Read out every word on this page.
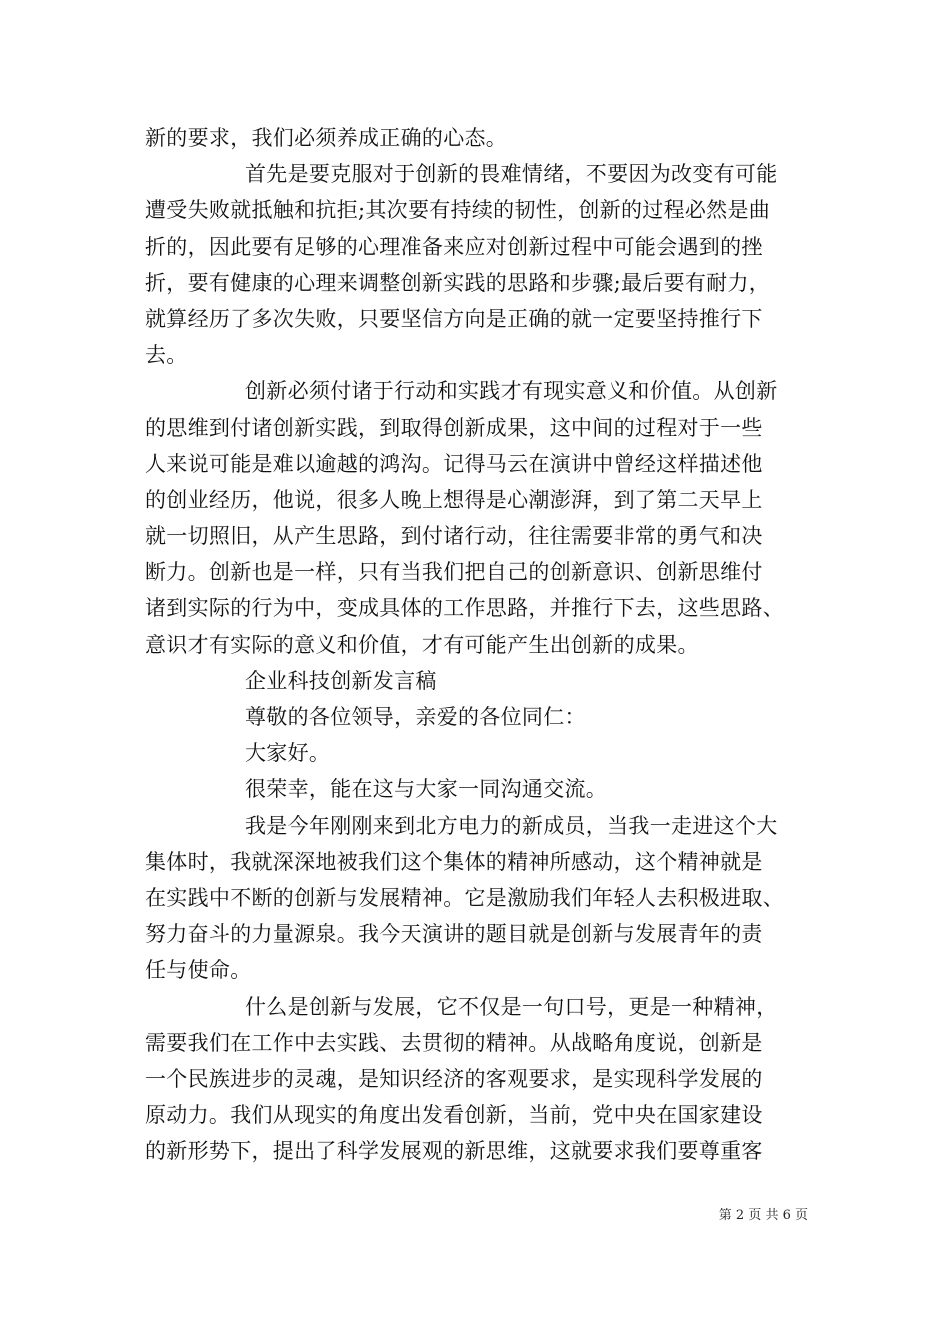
新的要求，我们必须养成正确的心态。
首先是要克服对于创新的畏难情绪，不要因为改变有可能
遭受失败就抵触和抗拒;其次要有持续的韧性，创新的过程必然是曲
折的，因此要有足够的心理准备来应对创新过程中可能会遇到的挫
折，要有健康的心理来调整创新实践的思路和步骤;最后要有耐力，
就算经历了多次失败，只要坚信方向是正确的就一定要坚持推行下
去。
创新必须付诸于行动和实践才有现实意义和价值。从创新
的思维到付诸创新实践，到取得创新成果，这中间的过程对于一些
人来说可能是难以逾越的鸿沟。记得马云在演讲中曾经这样描述他
的创业经历，他说，很多人晚上想得是心潮澎湃，到了第二天早上
就一切照旧，从产生思路，到付诸行动，往往需要非常的勇气和决
断力。创新也是一样，只有当我们把自己的创新意识、创新思维付
诸到实际的行为中，变成具体的工作思路，并推行下去，这些思路、
意识才有实际的意义和价值，才有可能产生出创新的成果。
企业科技创新发言稿
尊敬的各位领导，亲爱的各位同仁：
大家好。
很荣幸，能在这与大家一同沟通交流。
我是今年刚刚来到北方电力的新成员，当我一走进这个大
集体时，我就深深地被我们这个集体的精神所感动，这个精神就是
在实践中不断的创新与发展精神。它是激励我们年轻人去积极进取、
努力奋斗的力量源泉。我今天演讲的题目就是创新与发展青年的责
任与使命。
什么是创新与发展，它不仅是一句口号，更是一种精神，
需要我们在工作中去实践、去贯彻的精神。从战略角度说，创新是
一个民族进步的灵魂，是知识经济的客观要求，是实现科学发展的
原动力。我们从现实的角度出发看创新，当前，党中央在国家建设
的新形势下，提出了科学发展观的新思维，这就要求我们要尊重客
第 2 页 共 6 页
